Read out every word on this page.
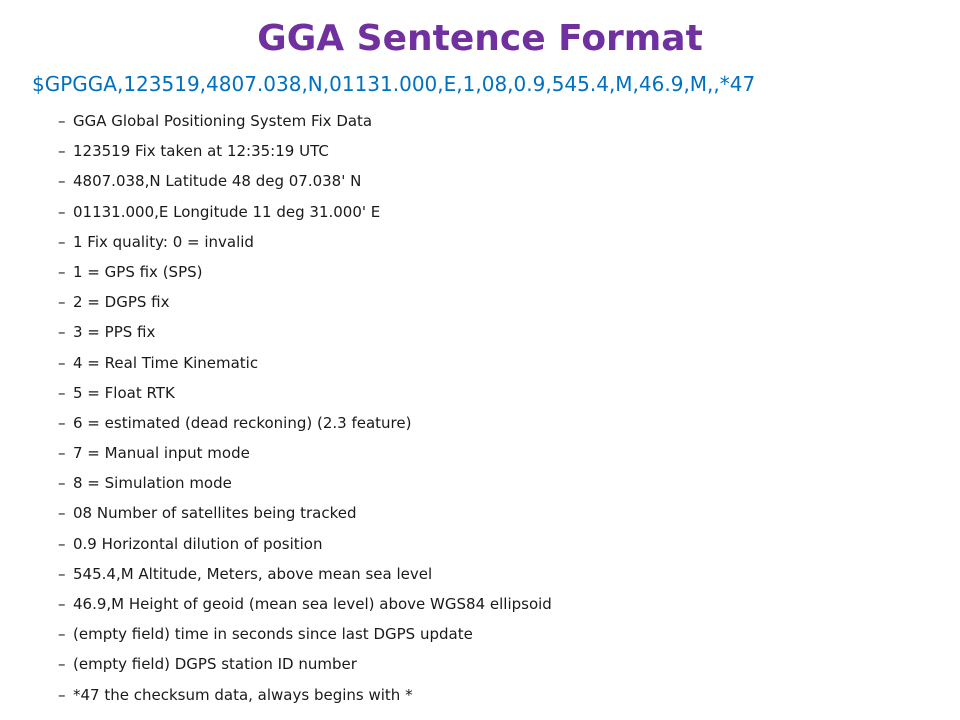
GGA Sentence Format

$GPGGA,123519,4807.038,N,01131.000,E,1,08,0.9,545.4,M,46.9,M,,*47

– GGA Global Positioning System Fix Data
– 123519 Fix taken at 12:35:19 UTC
– 4807.038,N Latitude 48 deg 07.038' N
– 01131.000,E Longitude 11 deg 31.000' E
– 1 Fix quality: 0 = invalid
– 1 = GPS fix (SPS)
– 2 = DGPS fix
– 3 = PPS fix
– 4 = Real Time Kinematic
– 5 = Float RTK
– 6 = estimated (dead reckoning) (2.3 feature)
– 7 = Manual input mode
– 8 = Simulation mode
– 08 Number of satellites being tracked
– 0.9 Horizontal dilution of position
– 545.4,M Altitude, Meters, above mean sea level
– 46.9,M Height of geoid (mean sea level) above WGS84 ellipsoid
– (empty field) time in seconds since last DGPS update
– (empty field) DGPS station ID number
– *47 the checksum data, always begins with *
